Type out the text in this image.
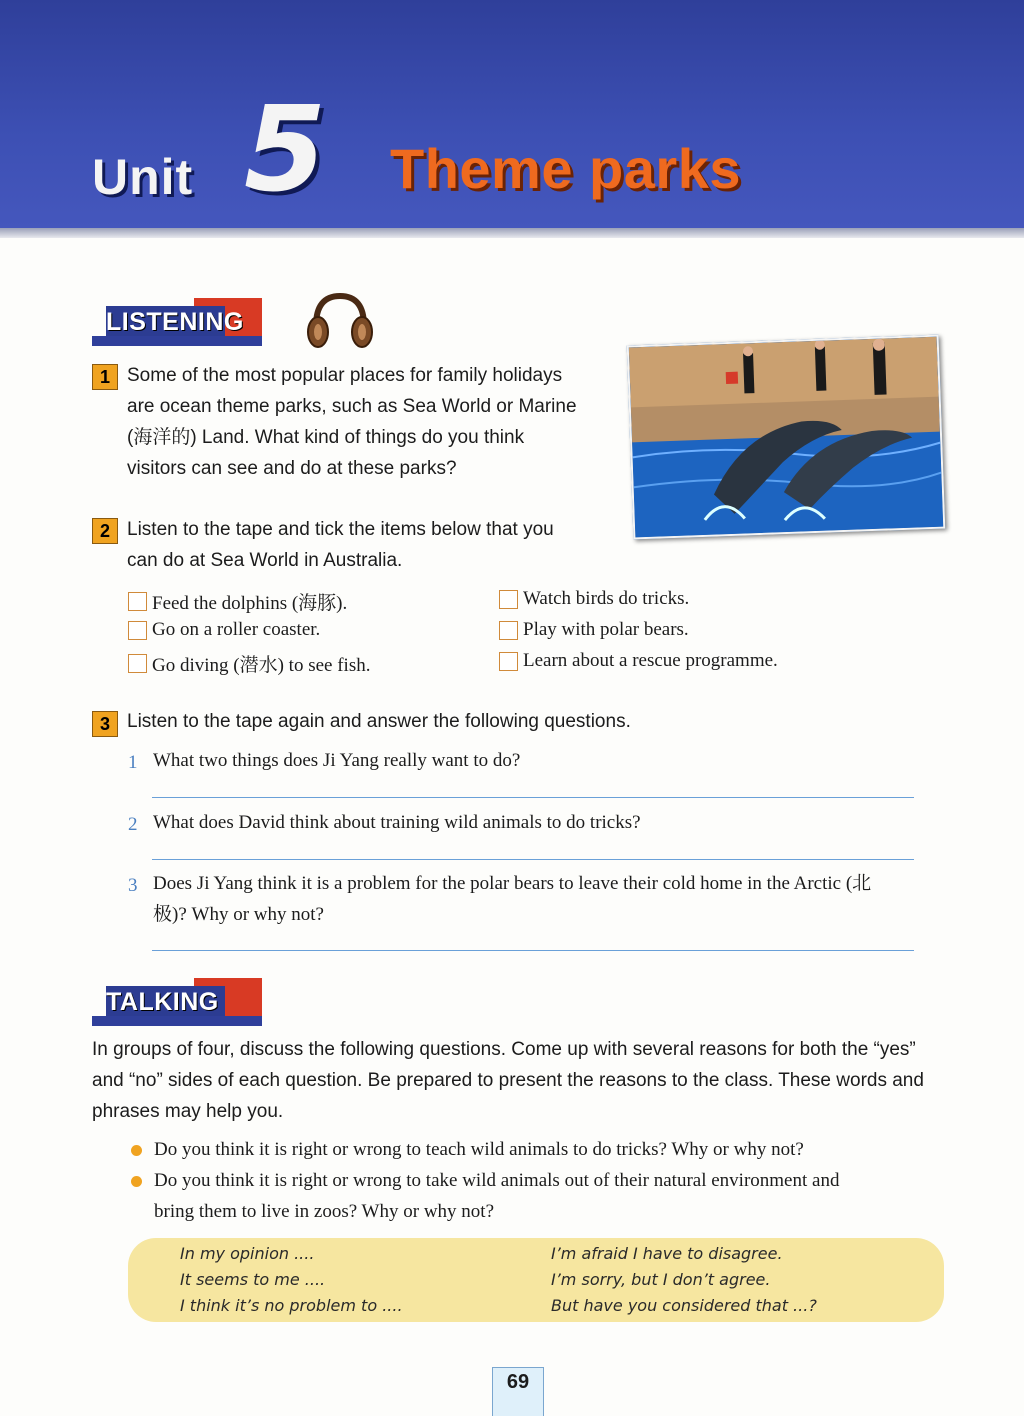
Unit 5 Theme parks
LISTENING
1 Some of the most popular places for family holidays
are ocean theme parks, such as Sea World or Marine
(海洋的) Land. What kind of things do you think
visitors can see and do at these parks?
2 Listen to the tape and tick the items below that you
can do at Sea World in Australia.
Feed the dolphins (海豚).
Go on a roller coaster.
Go diving (潜水) to see fish.
Watch birds do tricks.
Play with polar bears.
Learn about a rescue programme.
3 Listen to the tape again and answer the following questions.
1 What two things does Ji Yang really want to do?
2 What does David think about training wild animals to do tricks?
3 Does Ji Yang think it is a problem for the polar bears to leave their cold home in the Arctic (北
极)? Why or why not?
TALKING
In groups of four, discuss the following questions. Come up with several reasons for both the “yes” and “no” sides of each question. Be prepared to present the reasons to the class. These words and phrases may help you.
Do you think it is right or wrong to teach wild animals to do tricks? Why or why not?
Do you think it is right or wrong to take wild animals out of their natural environment and
bring them to live in zoos? Why or why not?
In my opinion ....
It seems to me ....
I think it’s no problem to ....
I’m afraid I have to disagree.
I’m sorry, but I don’t agree.
But have you considered that ...?
69
